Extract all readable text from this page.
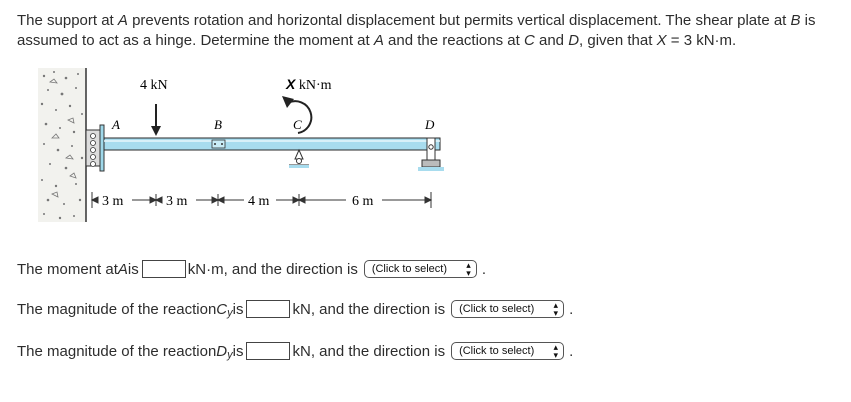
The support at A prevents rotation and horizontal displacement but permits vertical displacement. The shear plate at B is assumed to act as a hinge. Determine the moment at A and the reactions at C and D, given that X = 3 kN·m.
A	B
4 kN	X kN·m
C	D
3 m	3 m	4 m	6 m
The moment at A is	kN·m, and the direction is (Click to select) ▴
▾ .
The magnitude of the reaction C y is	kN, and the direction is (Click to select) ▴
▾ .
The magnitude of the reaction D y is	kN, and the direction is (Click to select) ▴
▾ .
